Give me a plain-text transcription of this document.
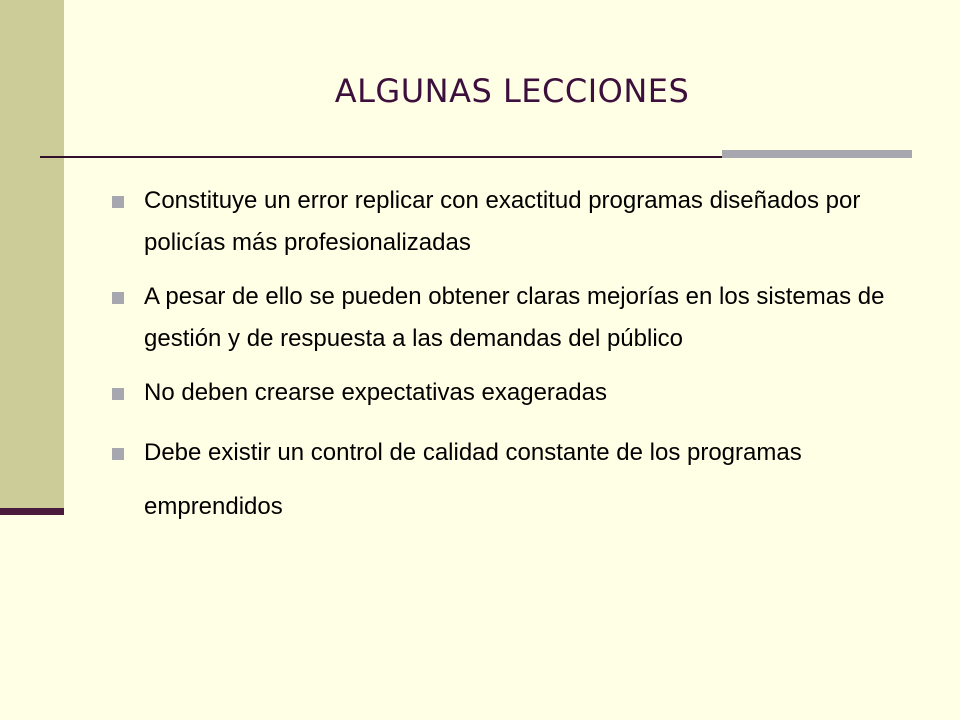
ALGUNAS LECCIONES
Constituye un error replicar con exactitud programas diseñados por policías más profesionalizadas
A pesar de ello se pueden obtener claras mejorías en los sistemas de gestión y de respuesta a las demandas del público
No deben crearse expectativas exageradas
Debe existir un control de calidad constante de los programas emprendidos
